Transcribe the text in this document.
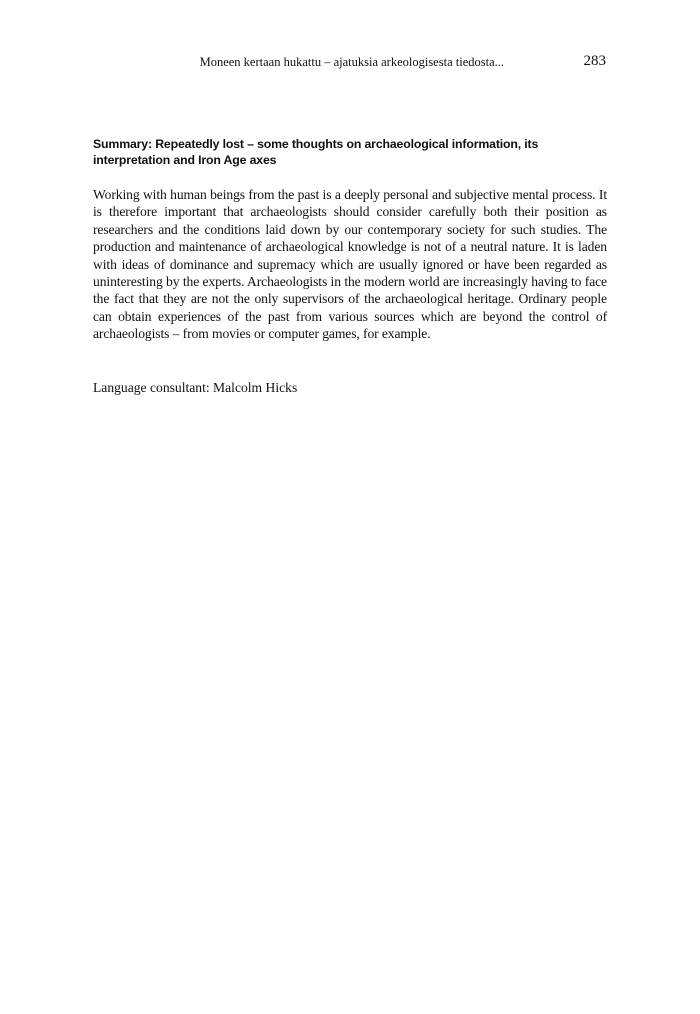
Moneen kertaan hukattu – ajatuksia arkeologisesta tiedosta...	283
Summary: Repeatedly lost – some thoughts on archaeological information, its interpretation and Iron Age axes

Working with human beings from the past is a deeply personal and subjective mental process. It is therefore important that archaeologists should consider carefully both their position as researchers and the conditions laid down by our contemporary society for such studies. The production and maintenance of archaeological knowledge is not of a neutral nature. It is laden with ideas of dominance and supremacy which are usually ignored or have been regarded as uninteresting by the experts. Archaeologists in the modern world are increasingly having to face the fact that they are not the only supervisors of the archaeological heritage. Ordinary people can obtain experiences of the past from various sources which are beyond the control of archaeologists – from movies or computer games, for example.

Language consultant: Malcolm Hicks
